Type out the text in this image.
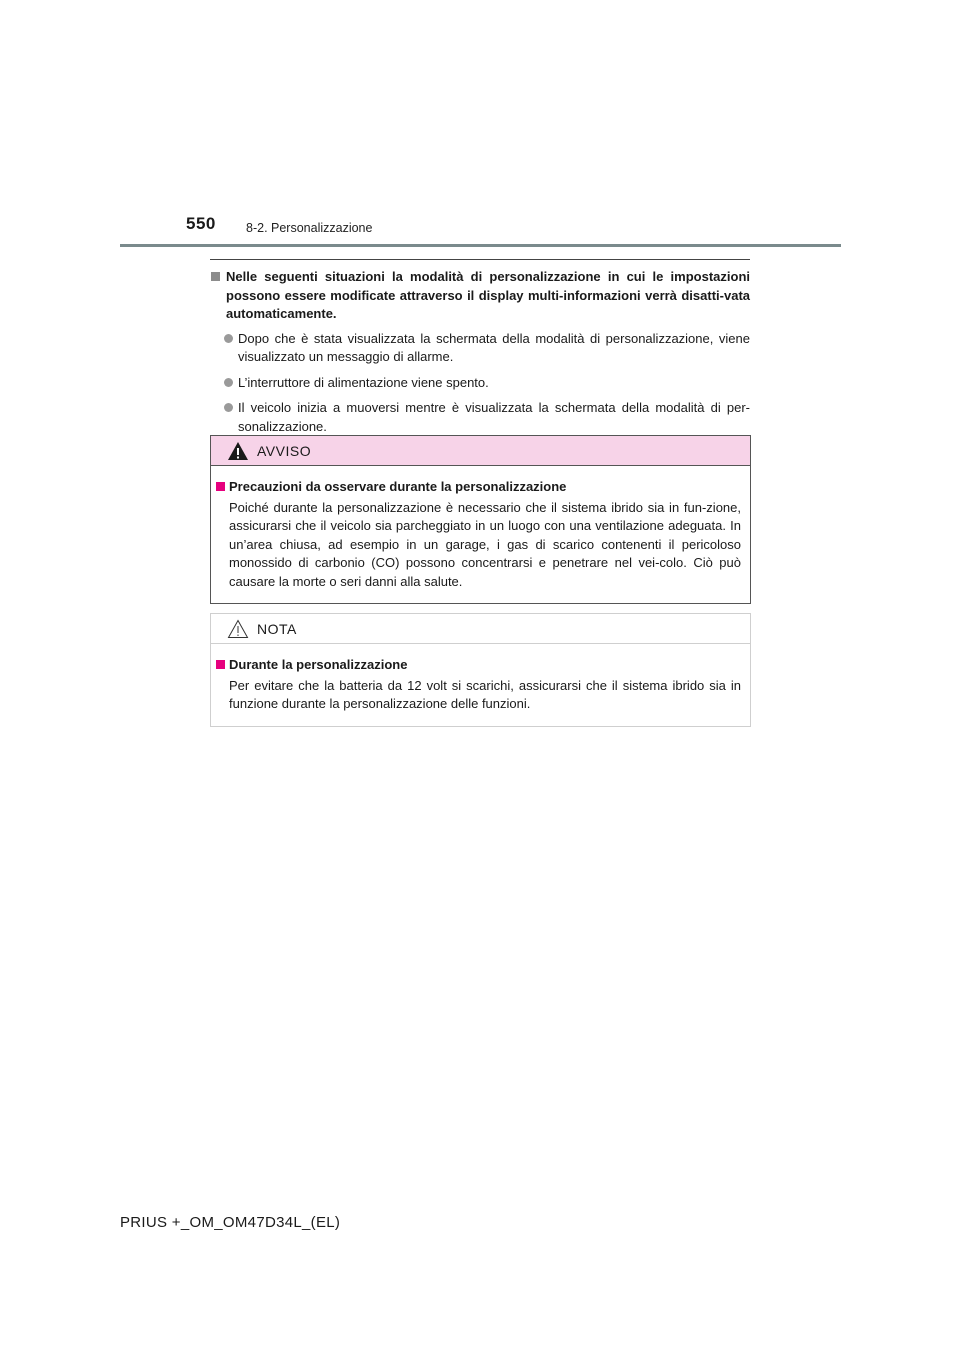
550 8-2. Personalizzazione
Nelle seguenti situazioni la modalità di personalizzazione in cui le impostazioni possono essere modificate attraverso il display multi-informazioni verrà disatti-vata automaticamente.
Dopo che è stata visualizzata la schermata della modalità di personalizzazione, viene visualizzato un messaggio di allarme.
L’interruttore di alimentazione viene spento.
Il veicolo inizia a muoversi mentre è visualizzata la schermata della modalità di per-sonalizzazione.
AVVISO
Precauzioni da osservare durante la personalizzazione
Poiché durante la personalizzazione è necessario che il sistema ibrido sia in fun-zione, assicurarsi che il veicolo sia parcheggiato in un luogo con una ventilazione adeguata. In un’area chiusa, ad esempio in un garage, i gas di scarico contenenti il pericoloso monossido di carbonio (CO) possono concentrarsi e penetrare nel vei-colo. Ciò può causare la morte o seri danni alla salute.
NOTA
Durante la personalizzazione
Per evitare che la batteria da 12 volt si scarichi, assicurarsi che il sistema ibrido sia in funzione durante la personalizzazione delle funzioni.
PRIUS +_OM_OM47D34L_(EL)
